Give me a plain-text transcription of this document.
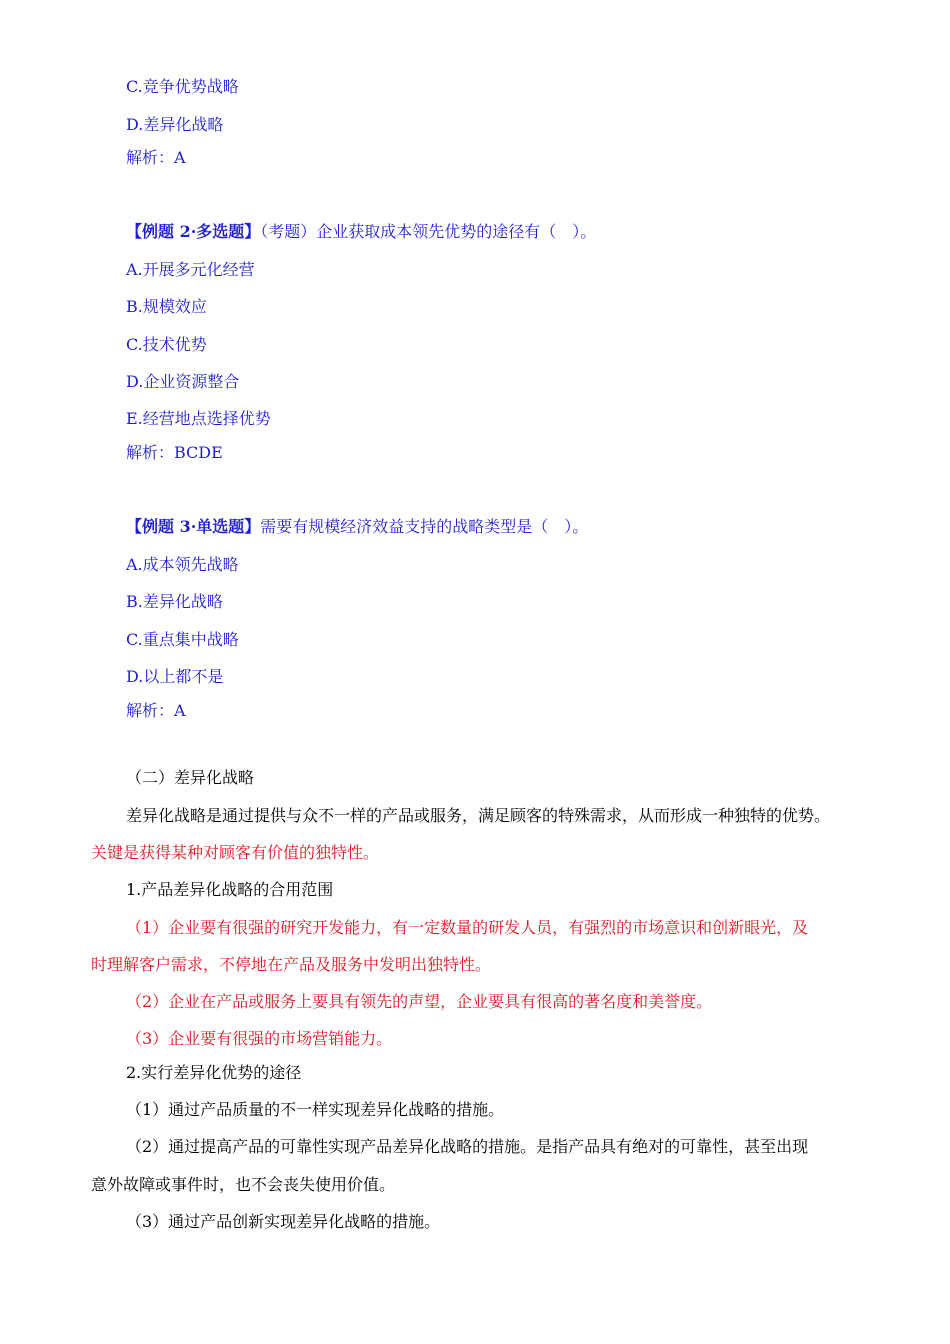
C.竞争优势战略
D.差异化战略
解析：A
【例题 2·多选题】（考题）企业获取成本领先优势的途径有（　）。
A.开展多元化经营
B.规模效应
C.技术优势
D.企业资源整合
E.经营地点选择优势
解析：BCDE
【例题 3·单选题】需要有规模经济效益支持的战略类型是（　）。
A.成本领先战略
B.差异化战略
C.重点集中战略
D.以上都不是
解析：A
（二）差异化战略
差异化战略是通过提供与众不一样的产品或服务，满足顾客的特殊需求，从而形成一种独特的优势。
关键是获得某种对顾客有价值的独特性。
1.产品差异化战略的合用范围
（1）企业要有很强的研究开发能力，有一定数量的研发人员，有强烈的市场意识和创新眼光，及
时理解客户需求，不停地在产品及服务中发明出独特性。
（2）企业在产品或服务上要具有领先的声望，企业要具有很高的著名度和美誉度。
（3）企业要有很强的市场营销能力。
2.实行差异化优势的途径
（1）通过产品质量的不一样实现差异化战略的措施。
（2）通过提高产品的可靠性实现产品差异化战略的措施。是指产品具有绝对的可靠性，甚至出现
意外故障或事件时，也不会丧失使用价值。
（3）通过产品创新实现差异化战略的措施。
